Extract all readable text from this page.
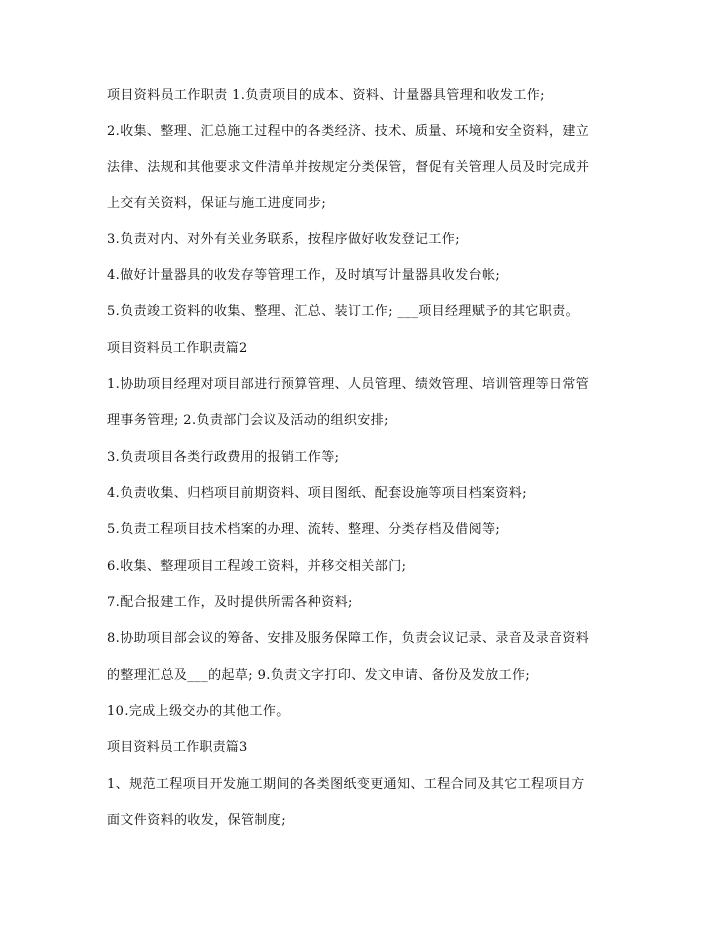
项目资料员工作职责 1.负责项目的成本、资料、计量器具管理和收发工作;
2.收集、整理、汇总施工过程中的各类经济、技术、质量、环境和安全资料，建立
法律、法规和其他要求文件清单并按规定分类保管，督促有关管理人员及时完成并
上交有关资料，保证与施工进度同步;
3.负责对内、对外有关业务联系，按程序做好收发登记工作;
4.做好计量器具的收发存等管理工作，及时填写计量器具收发台帐;
5.负责竣工资料的收集、整理、汇总、装订工作; ___项目经理赋予的其它职责。
项目资料员工作职责篇2
1.协助项目经理对项目部进行预算管理、人员管理、绩效管理、培训管理等日常管
理事务管理; 2.负责部门会议及活动的组织安排;
3.负责项目各类行政费用的报销工作等;
4.负责收集、归档项目前期资料、项目图纸、配套设施等项目档案资料;
5.负责工程项目技术档案的办理、流转、整理、分类存档及借阅等;
6.收集、整理项目工程竣工资料，并移交相关部门;
7.配合报建工作，及时提供所需各种资料;
8.协助项目部会议的筹备、安排及服务保障工作，负责会议记录、录音及录音资料
的整理汇总及___的起草; 9.负责文字打印、发文申请、备份及发放工作;
10.完成上级交办的其他工作。
项目资料员工作职责篇3
1、规范工程项目开发施工期间的各类图纸变更通知、工程合同及其它工程项目方
面文件资料的收发，保管制度;
